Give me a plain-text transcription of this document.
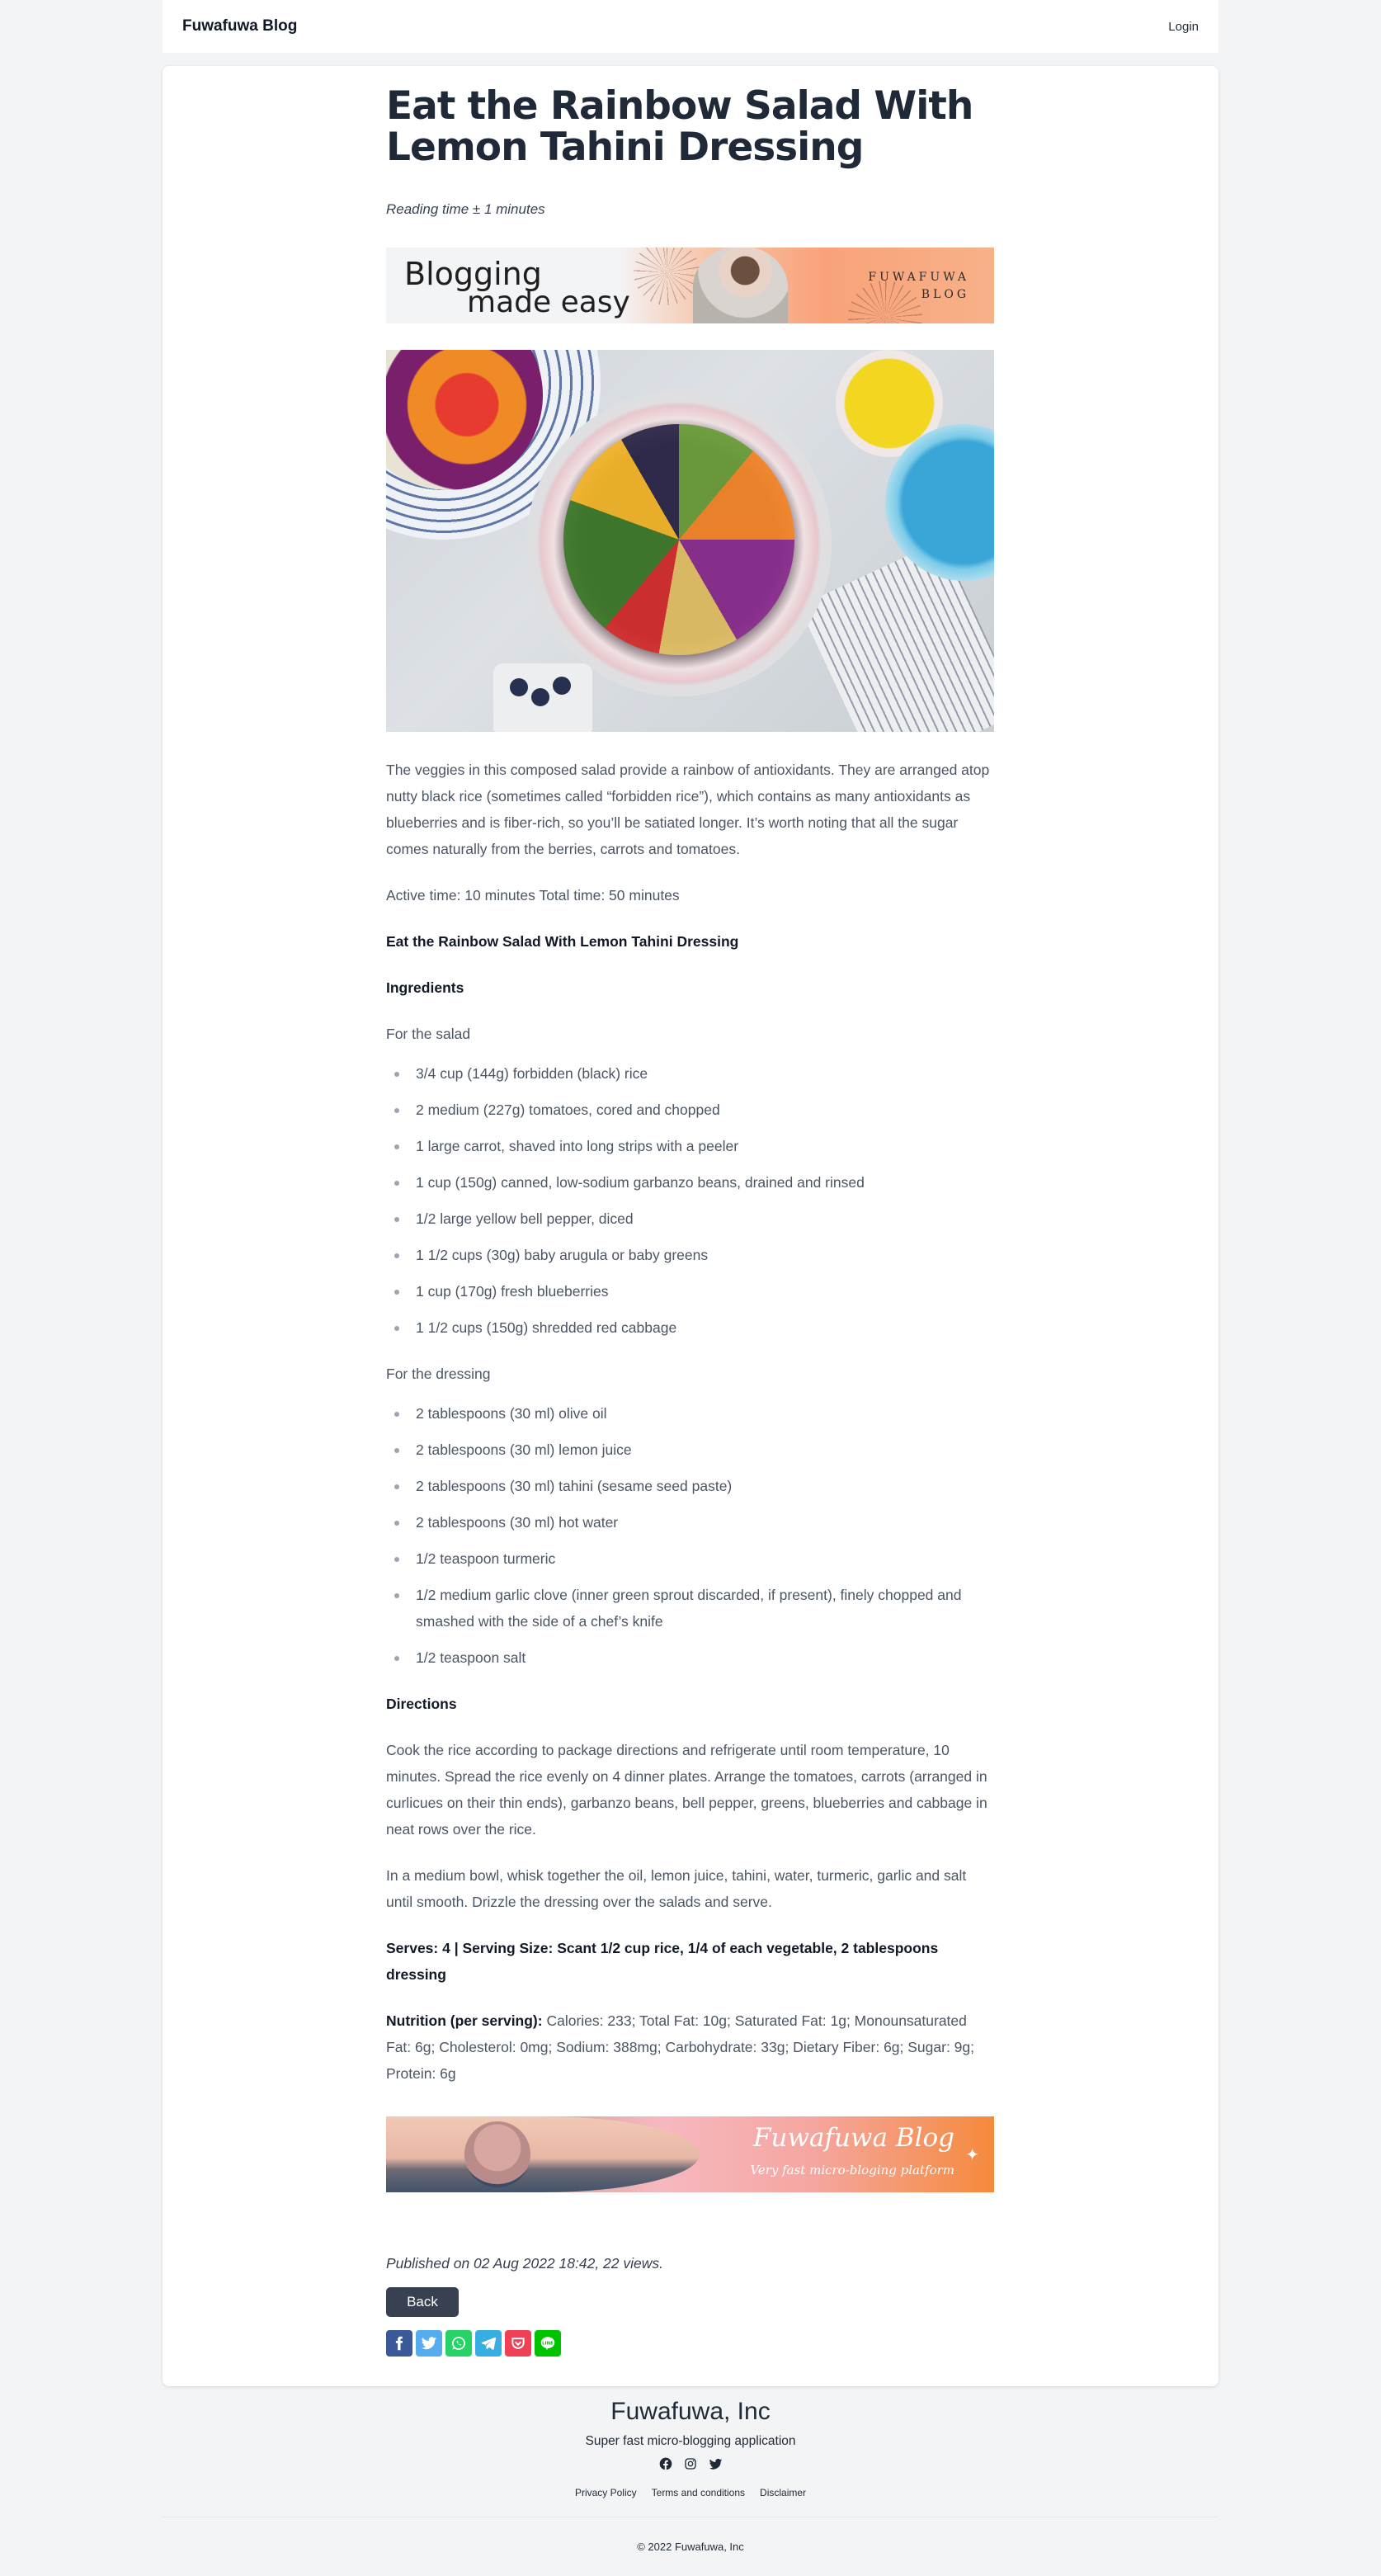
Fuwafuwa Blog	Login
Eat the Rainbow Salad With Lemon Tahini Dressing

Reading time ± 1 minutes

Blogging
made easy
FUWAFUWA
BLOG

The veggies in this composed salad provide a rainbow of antioxidants. They are arranged atop nutty black rice (sometimes called “forbidden rice”), which contains as many antioxidants as blueberries and is fiber-rich, so you’ll be satiated longer. It’s worth noting that all the sugar comes naturally from the berries, carrots and tomatoes.

Active time: 10 minutes Total time: 50 minutes

Eat the Rainbow Salad With Lemon Tahini Dressing

Ingredients

For the salad

3/4 cup (144g) forbidden (black) rice
2 medium (227g) tomatoes, cored and chopped
1 large carrot, shaved into long strips with a peeler
1 cup (150g) canned, low-sodium garbanzo beans, drained and rinsed
1/2 large yellow bell pepper, diced
1 1/2 cups (30g) baby arugula or baby greens
1 cup (170g) fresh blueberries
1 1/2 cups (150g) shredded red cabbage

For the dressing

2 tablespoons (30 ml) olive oil
2 tablespoons (30 ml) lemon juice
2 tablespoons (30 ml) tahini (sesame seed paste)
2 tablespoons (30 ml) hot water
1/2 teaspoon turmeric
1/2 medium garlic clove (inner green sprout discarded, if present), finely chopped and smashed with the side of a chef’s knife
1/2 teaspoon salt

Directions

Cook the rice according to package directions and refrigerate until room temperature, 10 minutes. Spread the rice evenly on 4 dinner plates. Arrange the tomatoes, carrots (arranged in curlicues on their thin ends), garbanzo beans, bell pepper, greens, blueberries and cabbage in neat rows over the rice.

In a medium bowl, whisk together the oil, lemon juice, tahini, water, turmeric, garlic and salt until smooth. Drizzle the dressing over the salads and serve.

Serves: 4 | Serving Size: Scant 1/2 cup rice, 1/4 of each vegetable, 2 tablespoons dressing

Nutrition (per serving): Calories: 233; Total Fat: 10g; Saturated Fat: 1g; Monounsaturated Fat: 6g; Cholesterol: 0mg; Sodium: 388mg; Carbohydrate: 33g; Dietary Fiber: 6g; Sugar: 9g; Protein: 6g

Fuwafuwa Blog
Very fast micro-bloging platform
✦

Published on 02 Aug 2022 18:42, 22 views.

Back
LINE
Fuwafuwa, Inc
Super fast micro-blogging application
Privacy Policy Terms and conditions Disclaimer
© 2022 Fuwafuwa, Inc
